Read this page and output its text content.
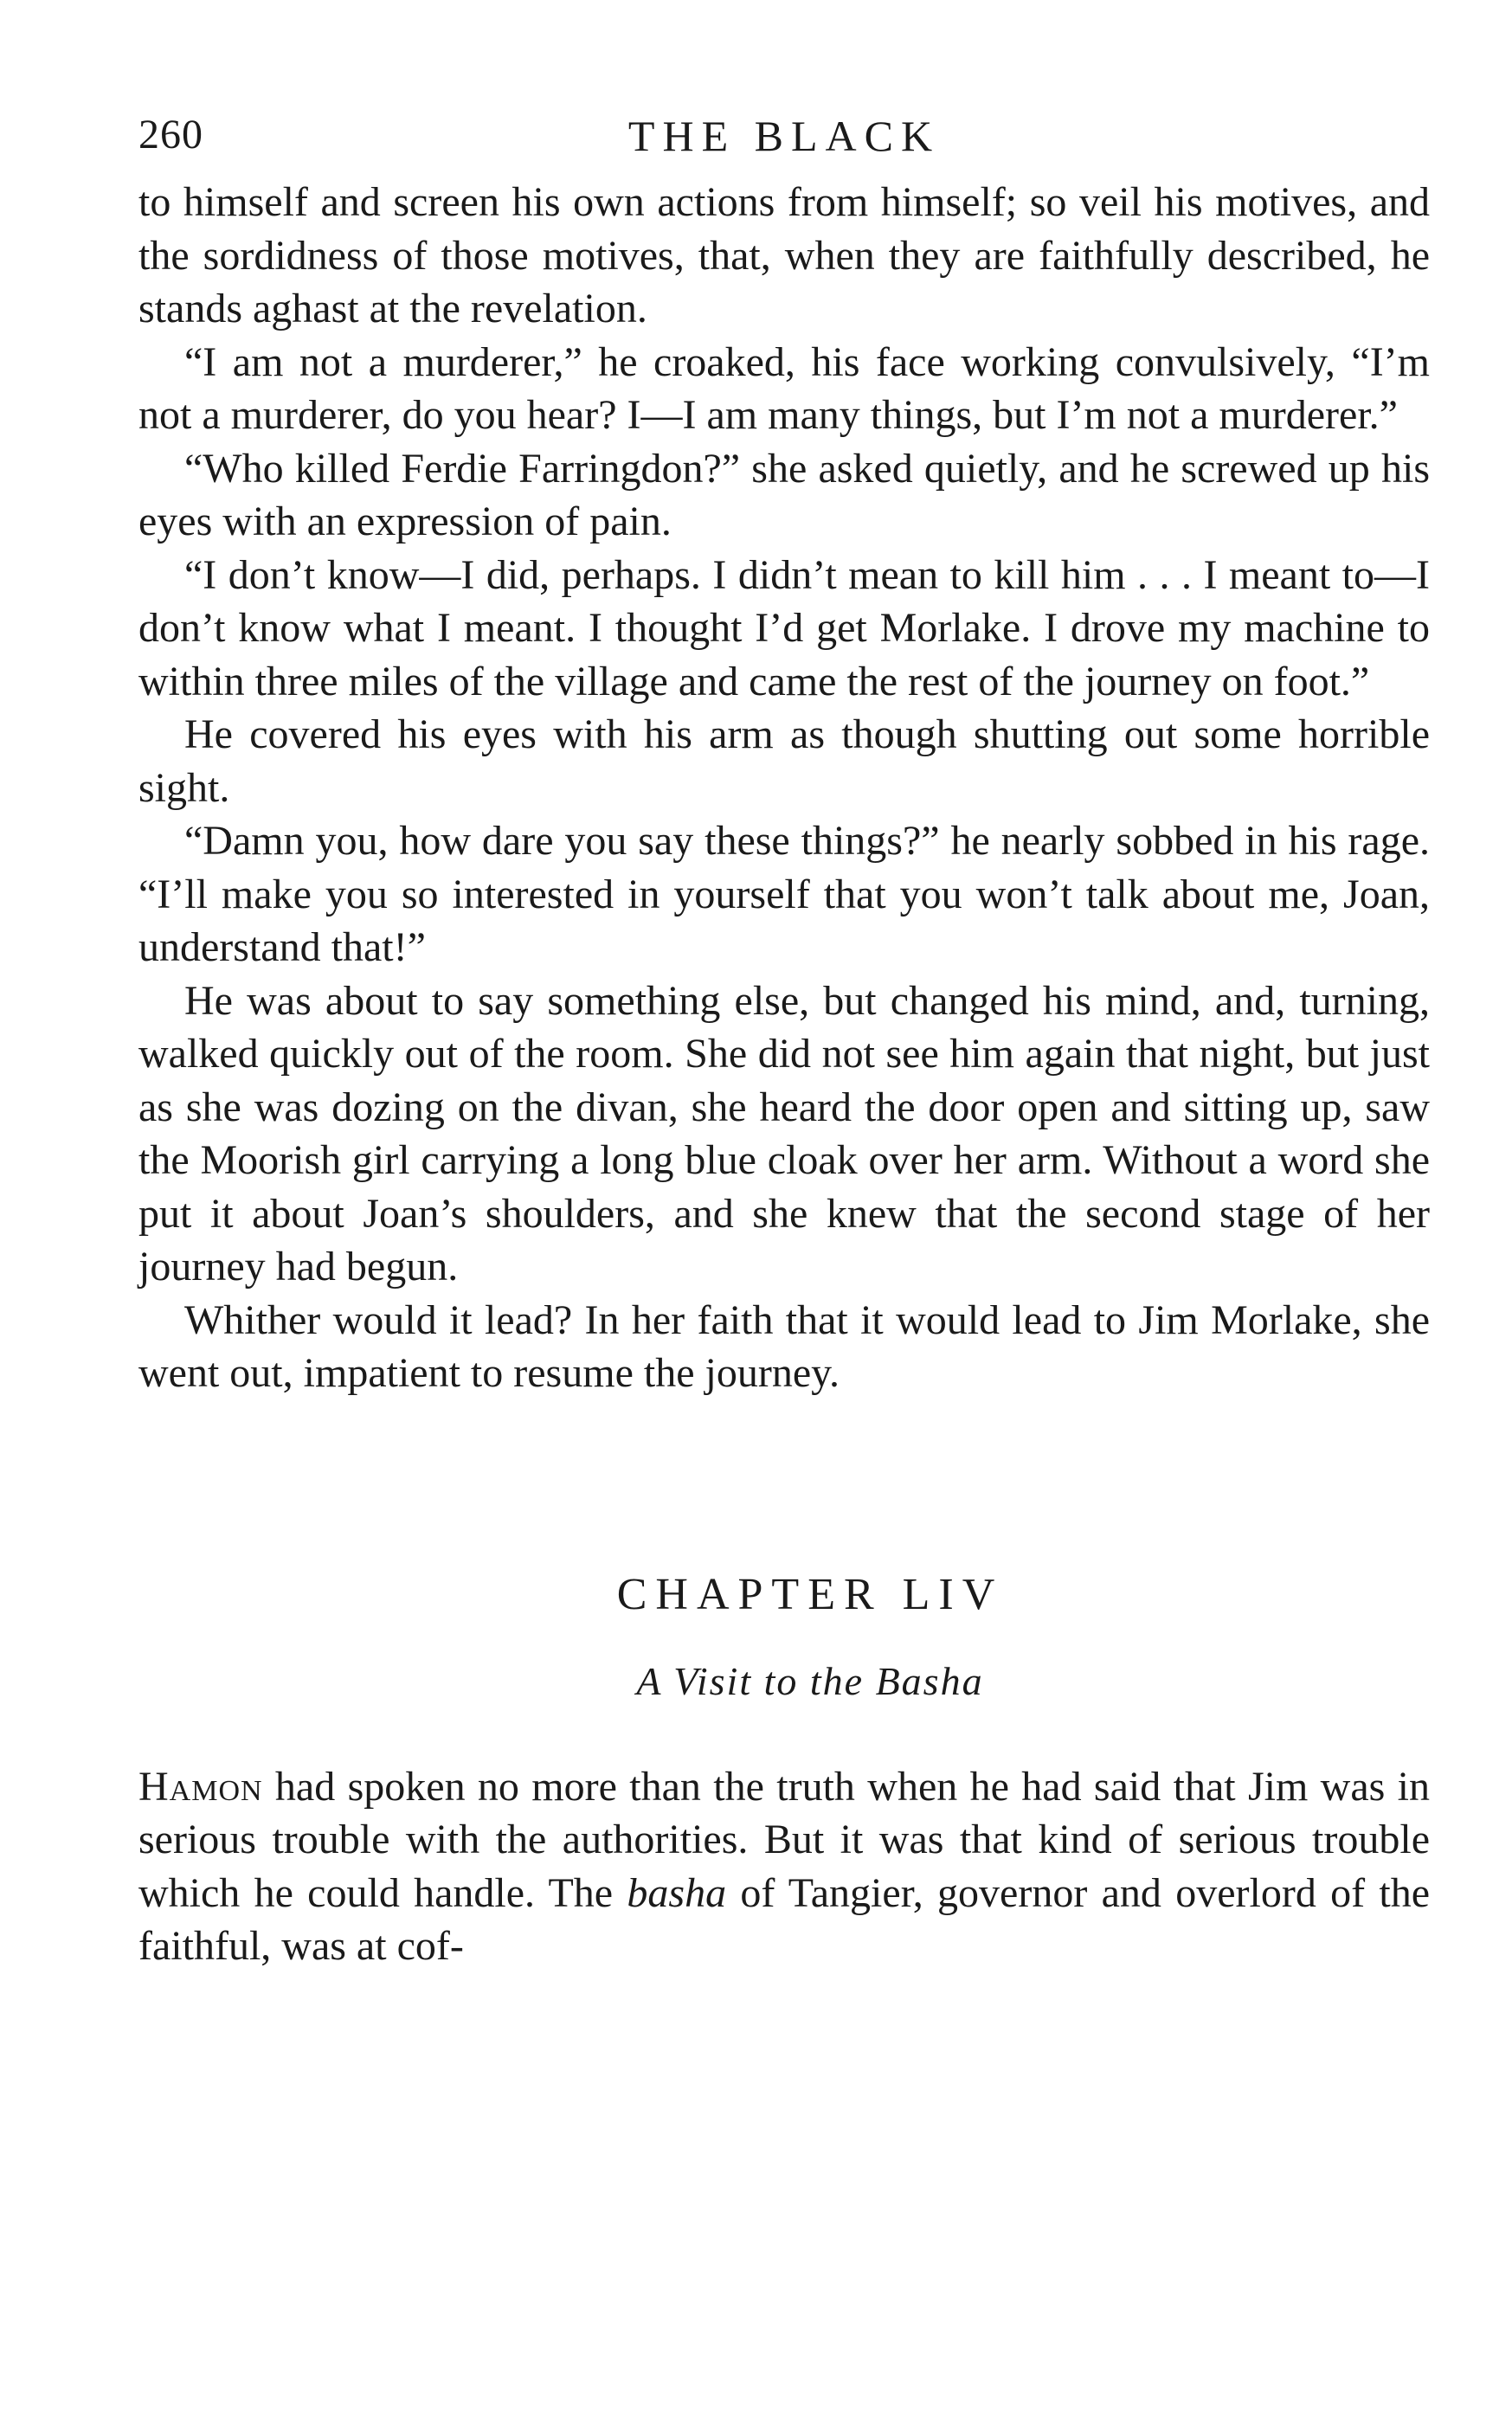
260	THE BLACK

to himself and screen his own actions from himself; so veil his motives, and the sordidness of those motives, that, when they are faithfully described, he stands aghast at the revelation.

“I am not a murderer,” he croaked, his face working convulsively, “I’m not a murderer, do you hear? I—I am many things, but I’m not a murderer.”

“Who killed Ferdie Farringdon?” she asked quietly, and he screwed up his eyes with an expression of pain.

“I don’t know—I did, perhaps. I didn’t mean to kill him . . . I meant to—I don’t know what I meant. I thought I’d get Morlake. I drove my machine to within three miles of the village and came the rest of the journey on foot.”

He covered his eyes with his arm as though shutting out some horrible sight.

“Damn you, how dare you say these things?” he nearly sobbed in his rage. “I’ll make you so interested in yourself that you won’t talk about me, Joan, understand that!”

He was about to say something else, but changed his mind, and, turning, walked quickly out of the room. She did not see him again that night, but just as she was dozing on the divan, she heard the door open and sitting up, saw the Moorish girl carrying a long blue cloak over her arm. Without a word she put it about Joan’s shoulders, and she knew that the second stage of her journey had begun.

Whither would it lead? In her faith that it would lead to Jim Morlake, she went out, impatient to resume the journey.

CHAPTER LIV
A Visit to the Basha

Hamon had spoken no more than the truth when he had said that Jim was in serious trouble with the authorities. But it was that kind of serious trouble which he could handle. The basha of Tangier, governor and overlord of the faithful, was at cof-
